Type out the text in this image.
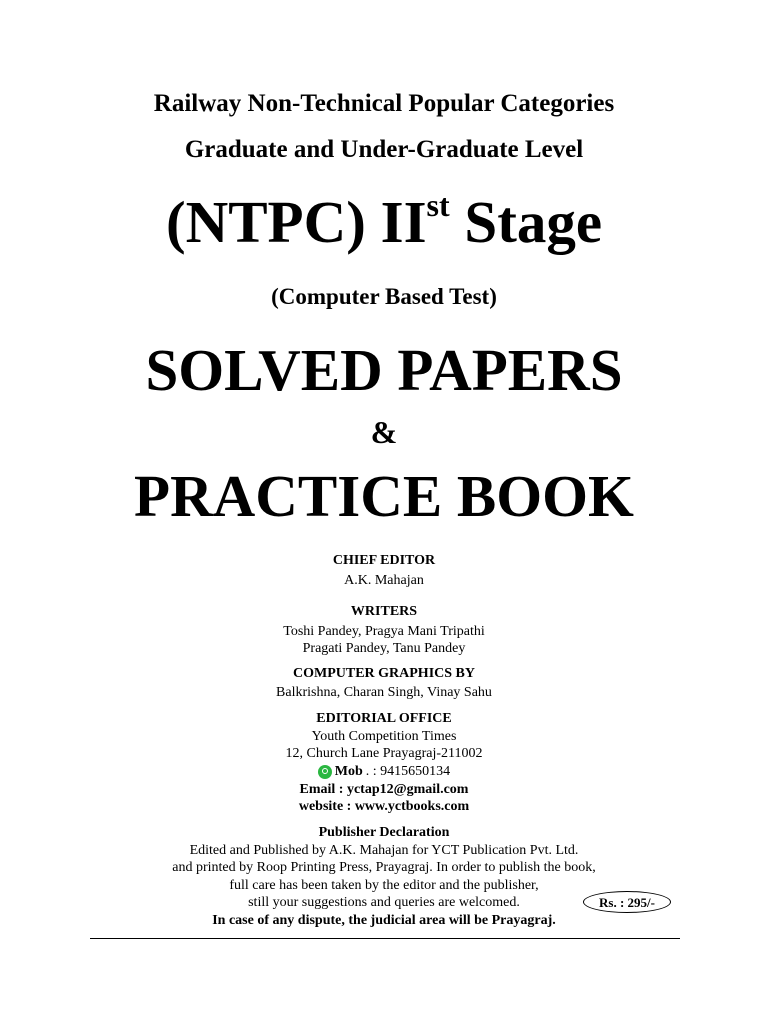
Railway Non-Technical Popular Categories
Graduate and Under-Graduate Level
(NTPC) IIst Stage
(Computer Based Test)
SOLVED PAPERS
&
PRACTICE BOOK
CHIEF EDITOR
A.K. Mahajan
WRITERS
Toshi Pandey, Pragya Mani Tripathi
Pragati Pandey, Tanu Pandey
COMPUTER GRAPHICS BY
Balkrishna, Charan Singh, Vinay Sahu
EDITORIAL OFFICE
Youth Competition Times
12, Church Lane Prayagraj-211002
Mob . : 9415650134
Email : yctap12@gmail.com
website : www.yctbooks.com
Publisher Declaration
Edited and Published by A.K. Mahajan for YCT Publication Pvt. Ltd.
and printed by Roop Printing Press, Prayagraj. In order to publish the book,
full care has been taken by the editor and the publisher,
still your suggestions and queries are welcomed.
In case of any dispute, the judicial area will be Prayagraj.
Rs. : 295/-
